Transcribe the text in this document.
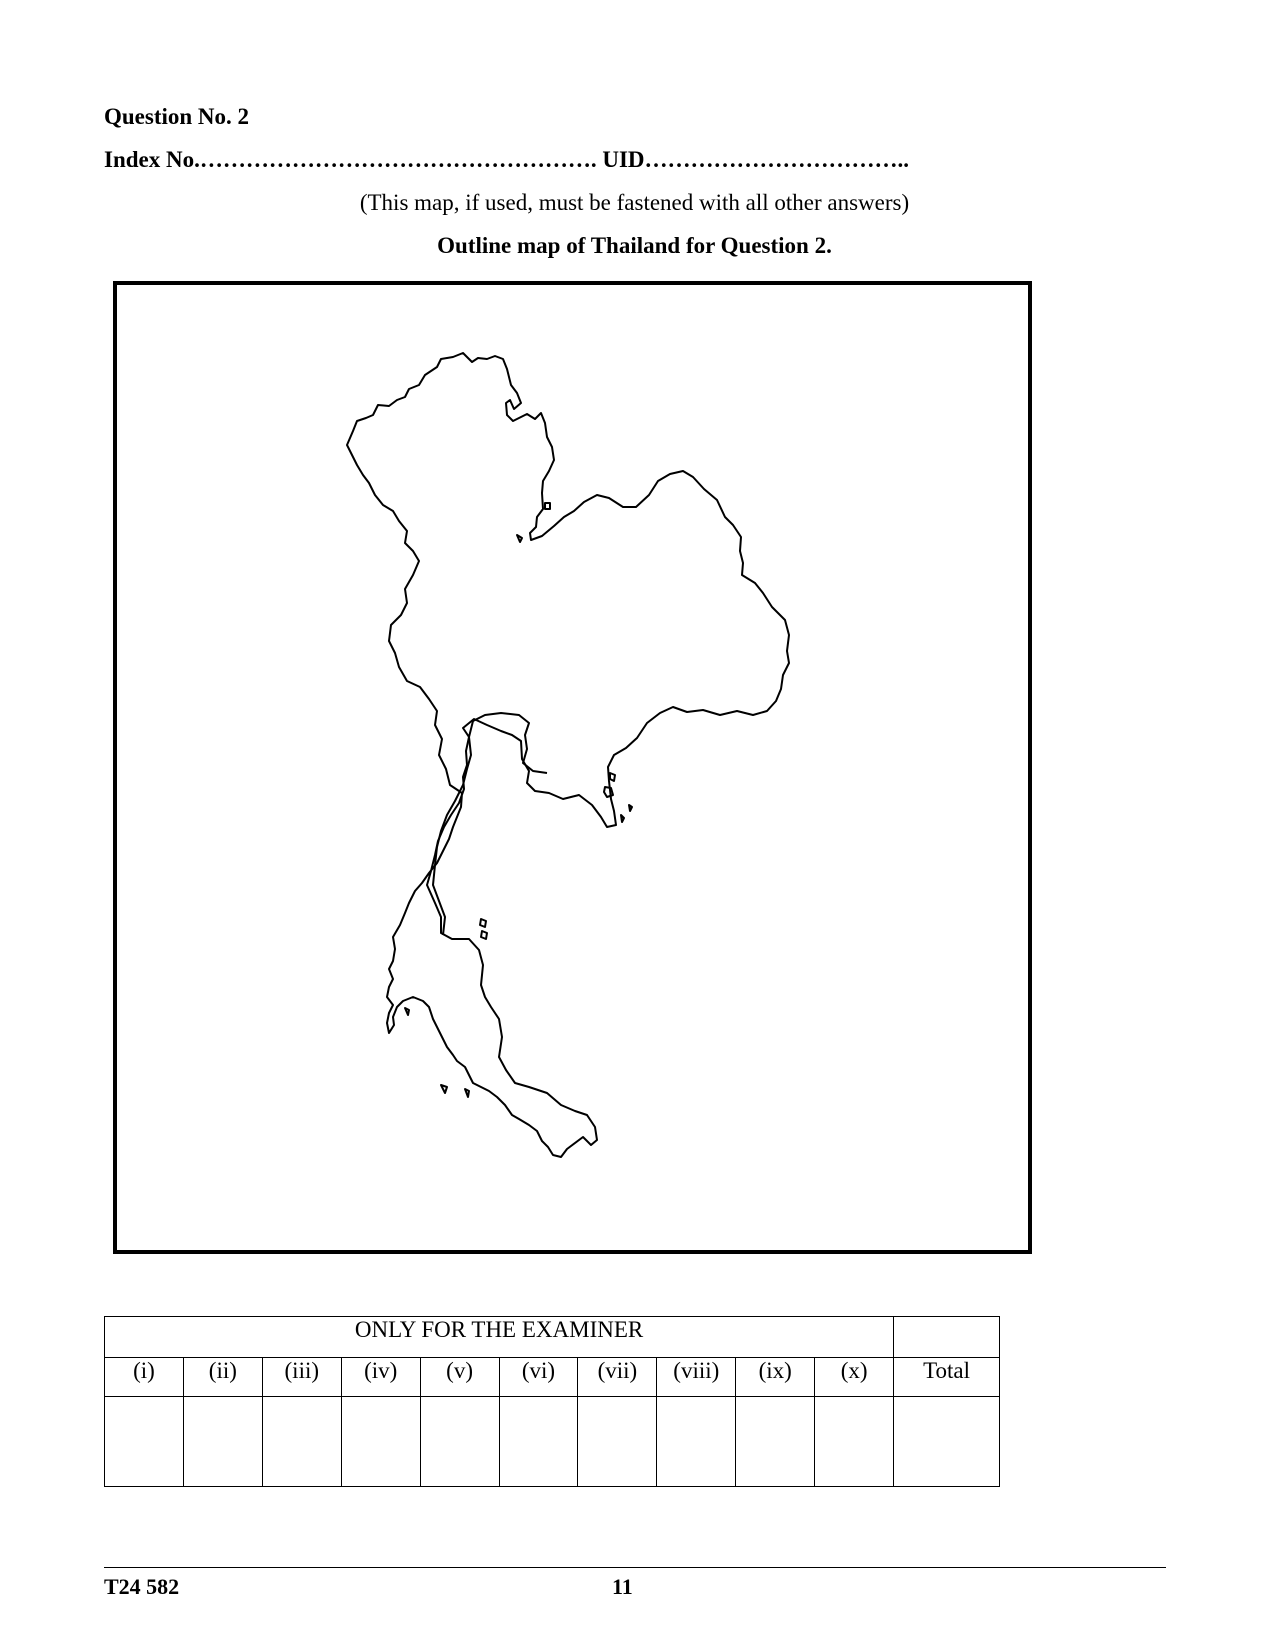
Question No. 2
Index No.……………………………………………. UID……………………………..
(This map, if used, must be fastened with all other answers)
Outline map of Thailand for Question 2.
ONLY FOR THE EXAMINER										
(i)	(ii)	(iii)	(iv)	(v)	(vi)	(vii)	(viii)	(ix)	(x)	Total

T24 582	11
